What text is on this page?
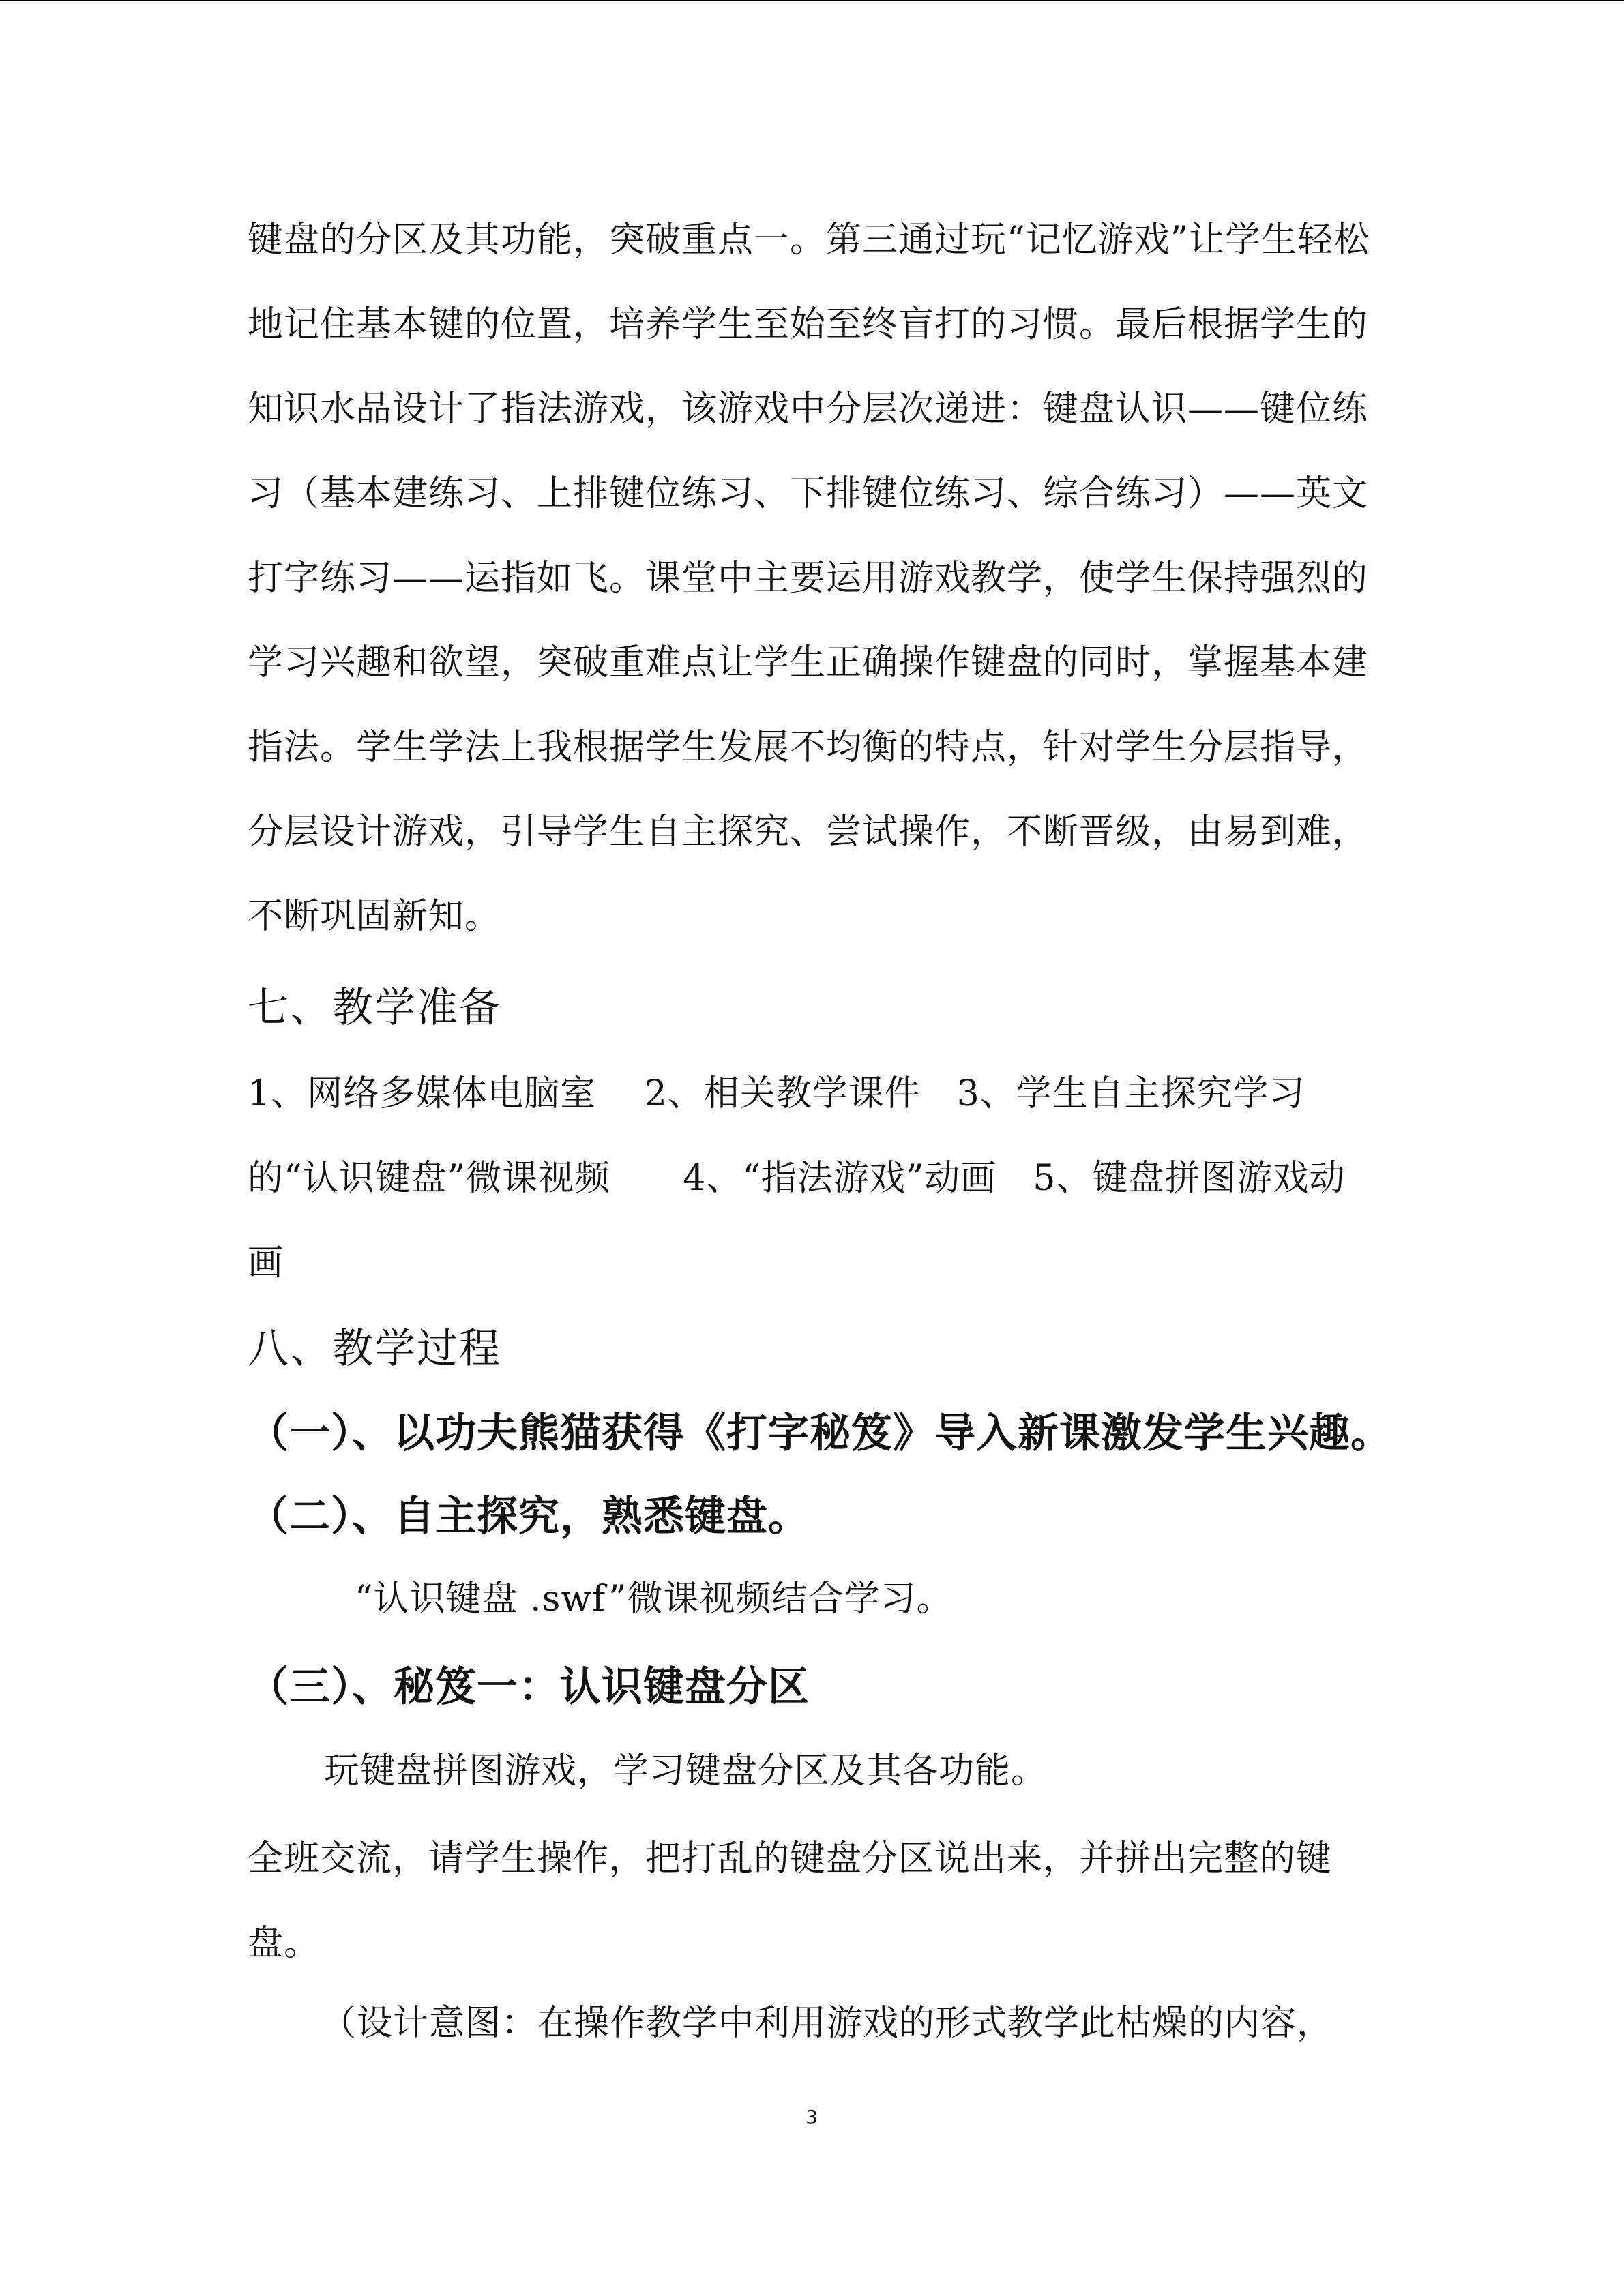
键盘的分区及其功能，突破重点一。第三通过玩“记忆游戏”让学生轻松地记住基本键的位置，培养学生至始至终盲打的习惯。最后根据学生的知识水品设计了指法游戏，该游戏中分层次递进：键盘认识——键位练习（基本建练习、上排键位练习、下排键位练习、综合练习）——英文打字练习——运指如飞。课堂中主要运用游戏教学，使学生保持强烈的学习兴趣和欲望，突破重难点让学生正确操作键盘的同时，掌握基本建指法。学生学法上我根据学生发展不均衡的特点，针对学生分层指导，分层设计游戏，引导学生自主探究、尝试操作，不断晋级，由易到难，不断巩固新知。

七、教学准备

1、网络多媒体电脑室　 2、相关教学课件　3、学生自主探究学习的“认识键盘”微课视频　　4、“指法游戏”动画　5、键盘拼图游戏动画

八、教学过程
（一）、以功夫熊猫获得《打字秘笈》导入新课激发学生兴趣。
（二）、自主探究，熟悉键盘。

“认识键盘 .swf”微课视频结合学习。

（三）、秘笈一：认识键盘分区

玩键盘拼图游戏，学习键盘分区及其各功能。

全班交流，请学生操作，把打乱的键盘分区说出来，并拼出完整的键盘。

（设计意图：在操作教学中利用游戏的形式教学此枯燥的内容，

3
